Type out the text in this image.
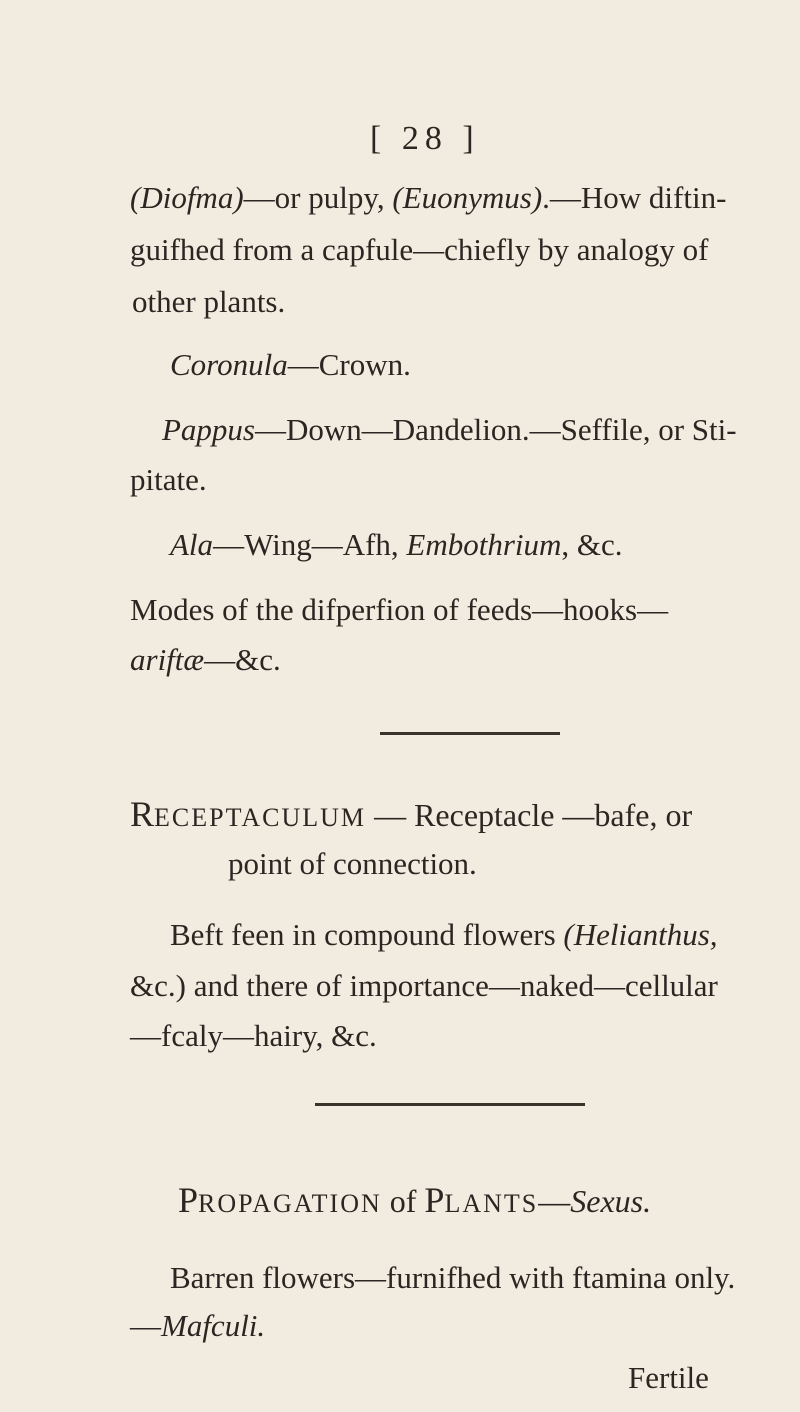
[ 28 ]
(Diofma)—or pulpy, (Euonymus).—How diftin-
guifhed from a capfule—chiefly by analogy of
other plants.
Coronula—Crown.
Pappus—Down—Dandelion.—Seffile, or Sti-
pitate.
Ala—Wing—Afh, Embothrium, &c.
Modes of the difperfion of feeds—hooks—
ariftæ—&c.
RECEPTACULUM — Receptacle —bafe, or
point of connection.
Beft feen in compound flowers (Helianthus,
&c.) and there of importance—naked—cellular
—fcaly—hairy, &c.
PROPAGATION of PLANTS—Sexus.
Barren flowers—furnifhed with ftamina only.
—Mafculi.
Fertile
